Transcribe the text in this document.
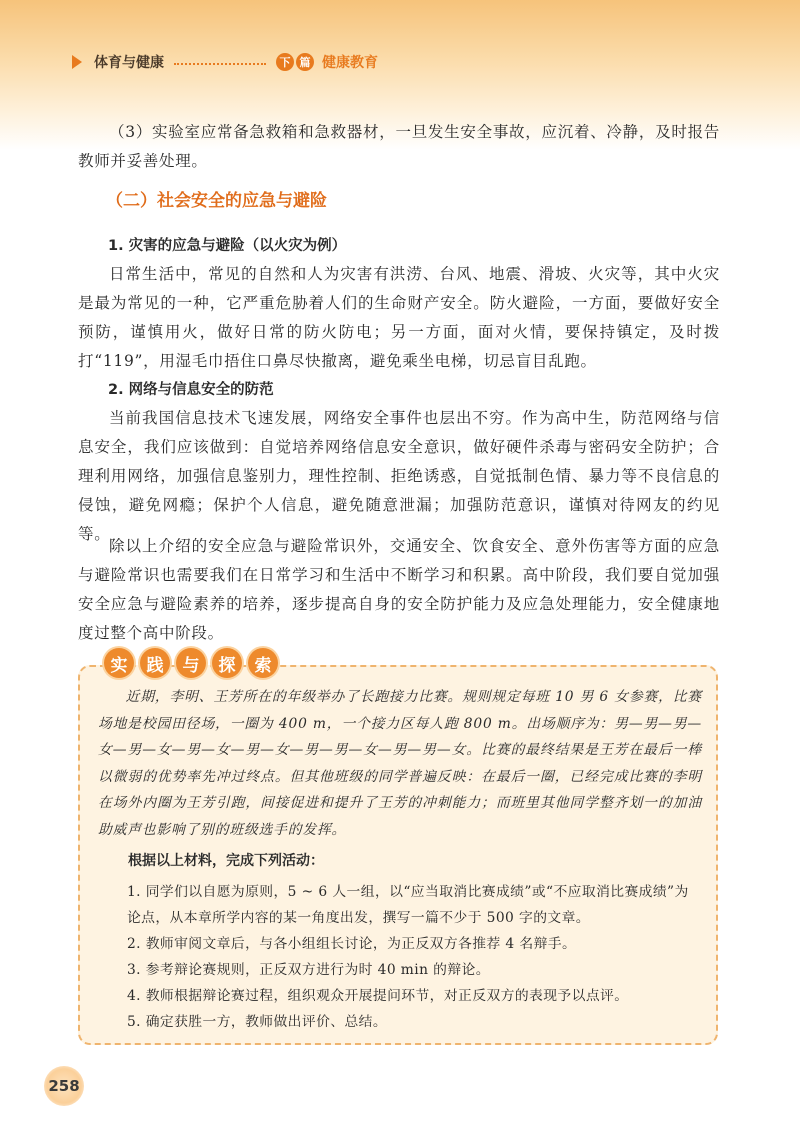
体育与健康	下 篇 健康教育
（3）实验室应常备急救箱和急救器材，一旦发生安全事故，应沉着、冷静，及时报告教师并妥善处理。
（二）社会安全的应急与避险
1. 灾害的应急与避险（以火灾为例）
日常生活中，常见的自然和人为灾害有洪涝、台风、地震、滑坡、火灾等，其中火灾是最为常见的一种，它严重危胁着人们的生命财产安全。防火避险，一方面，要做好安全预防，谨慎用火，做好日常的防火防电；另一方面，面对火情，要保持镇定，及时拨打“119”，用湿毛巾捂住口鼻尽快撤离，避免乘坐电梯，切忌盲目乱跑。
2. 网络与信息安全的防范
当前我国信息技术飞速发展，网络安全事件也层出不穷。作为高中生，防范网络与信息安全，我们应该做到：自觉培养网络信息安全意识，做好硬件杀毒与密码安全防护；合理利用网络，加强信息鉴别力，理性控制、拒绝诱惑，自觉抵制色情、暴力等不良信息的侵蚀，避免网瘾；保护个人信息，避免随意泄漏；加强防范意识，谨慎对待网友的约见等。
除以上介绍的安全应急与避险常识外，交通安全、饮食安全、意外伤害等方面的应急与避险常识也需要我们在日常学习和生活中不断学习和积累。高中阶段，我们要自觉加强安全应急与避险素养的培养，逐步提高自身的安全防护能力及应急处理能力，安全健康地度过整个高中阶段。
实	践	与	探	索
近期，李明、王芳所在的年级举办了长跑接力比赛。规则规定每班 10 男 6 女参赛，比赛场地是校园田径场，一圈为 400 m，一个接力区每人跑 800 m。出场顺序为：男—男—男—女—男—女—男—女—男—女—男—男—女—男—男—女。比赛的最终结果是王芳在最后一棒以微弱的优势率先冲过终点。但其他班级的同学普遍反映：在最后一圈，已经完成比赛的李明在场外内圈为王芳引跑，间接促进和提升了王芳的冲刺能力；而班里其他同学整齐划一的加油助威声也影响了别的班级选手的发挥。
根据以上材料，完成下列活动：
1. 同学们以自愿为原则，5 ~ 6 人一组，以“应当取消比赛成绩”或“不应取消比赛成绩”为论点，从本章所学内容的某一角度出发，撰写一篇不少于 500 字的文章。
2. 教师审阅文章后，与各小组组长讨论，为正反双方各推荐 4 名辩手。
3. 参考辩论赛规则，正反双方进行为时 40 min 的辩论。
4. 教师根据辩论赛过程，组织观众开展提问环节，对正反双方的表现予以点评。
5. 确定获胜一方，教师做出评价、总结。
258
